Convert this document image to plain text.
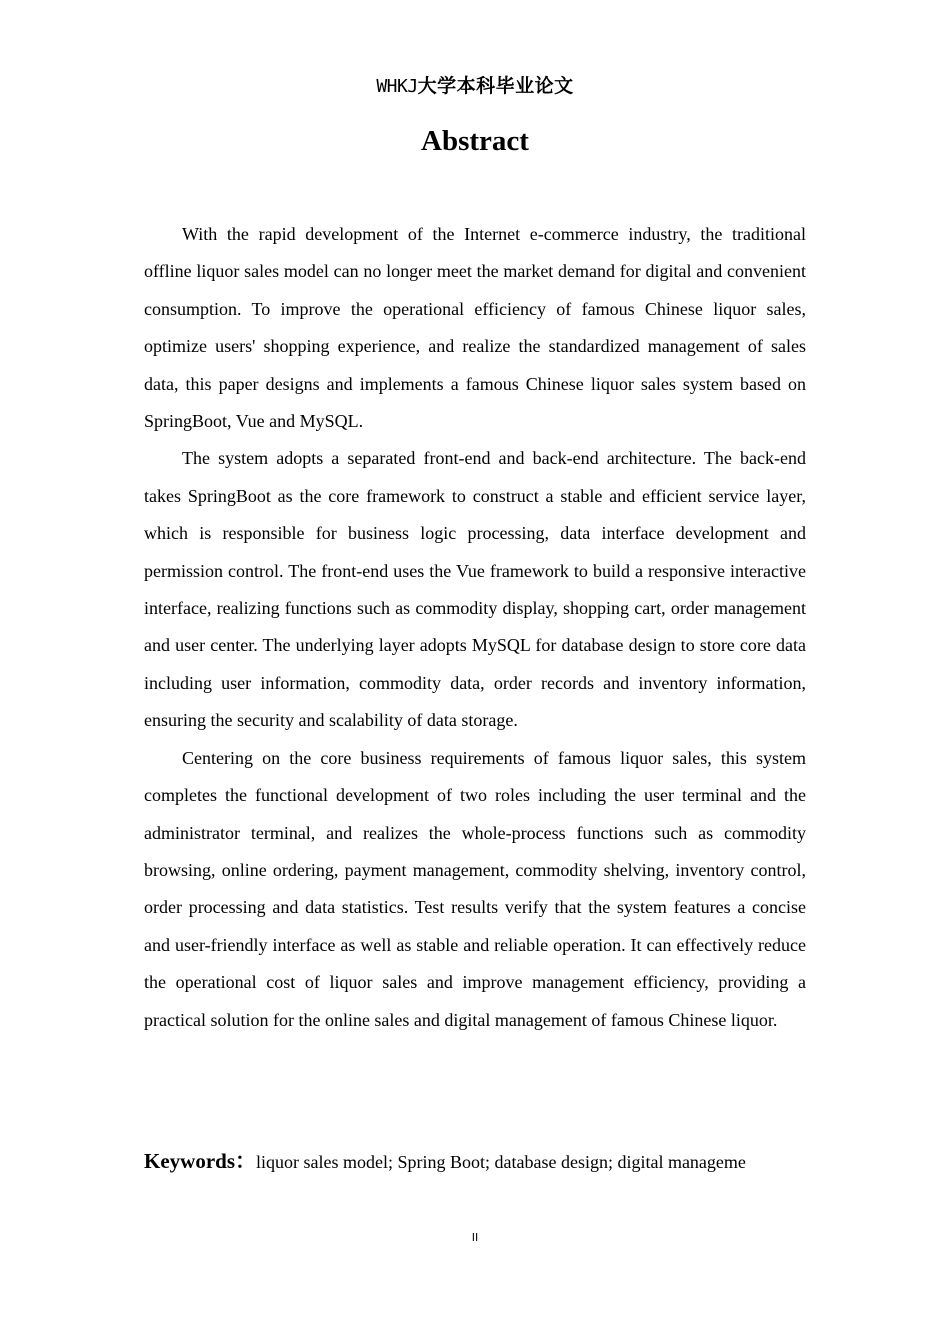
WHKJ大学本科毕业论文
Abstract

With the rapid development of the Internet e-commerce industry, the traditional offline liquor sales model can no longer meet the market demand for digital and convenient consumption. To improve the operational efficiency of famous Chinese liquor sales, optimize users' shopping experience, and realize the standardized management of sales data, this paper designs and implements a famous Chinese liquor sales system based on SpringBoot, Vue and MySQL.

The system adopts a separated front-end and back-end architecture. The back-end takes SpringBoot as the core framework to construct a stable and efficient service layer, which is responsible for business logic processing, data interface development and permission control. The front-end uses the Vue framework to build a responsive interactive interface, realizing functions such as commodity display, shopping cart, order management and user center. The underlying layer adopts MySQL for database design to store core data including user information, commodity data, order records and inventory information, ensuring the security and scalability of data storage.

Centering on the core business requirements of famous liquor sales, this system completes the functional development of two roles including the user terminal and the administrator terminal, and realizes the whole-process functions such as commodity browsing, online ordering, payment management, commodity shelving, inventory control, order processing and data statistics. Test results verify that the system features a concise and user-friendly interface as well as stable and reliable operation. It can effectively reduce the operational cost of liquor sales and improve management efficiency, providing a practical solution for the online sales and digital management of famous Chinese liquor.

Keywords：liquor sales model; Spring Boot; database design; digital manageme
II
